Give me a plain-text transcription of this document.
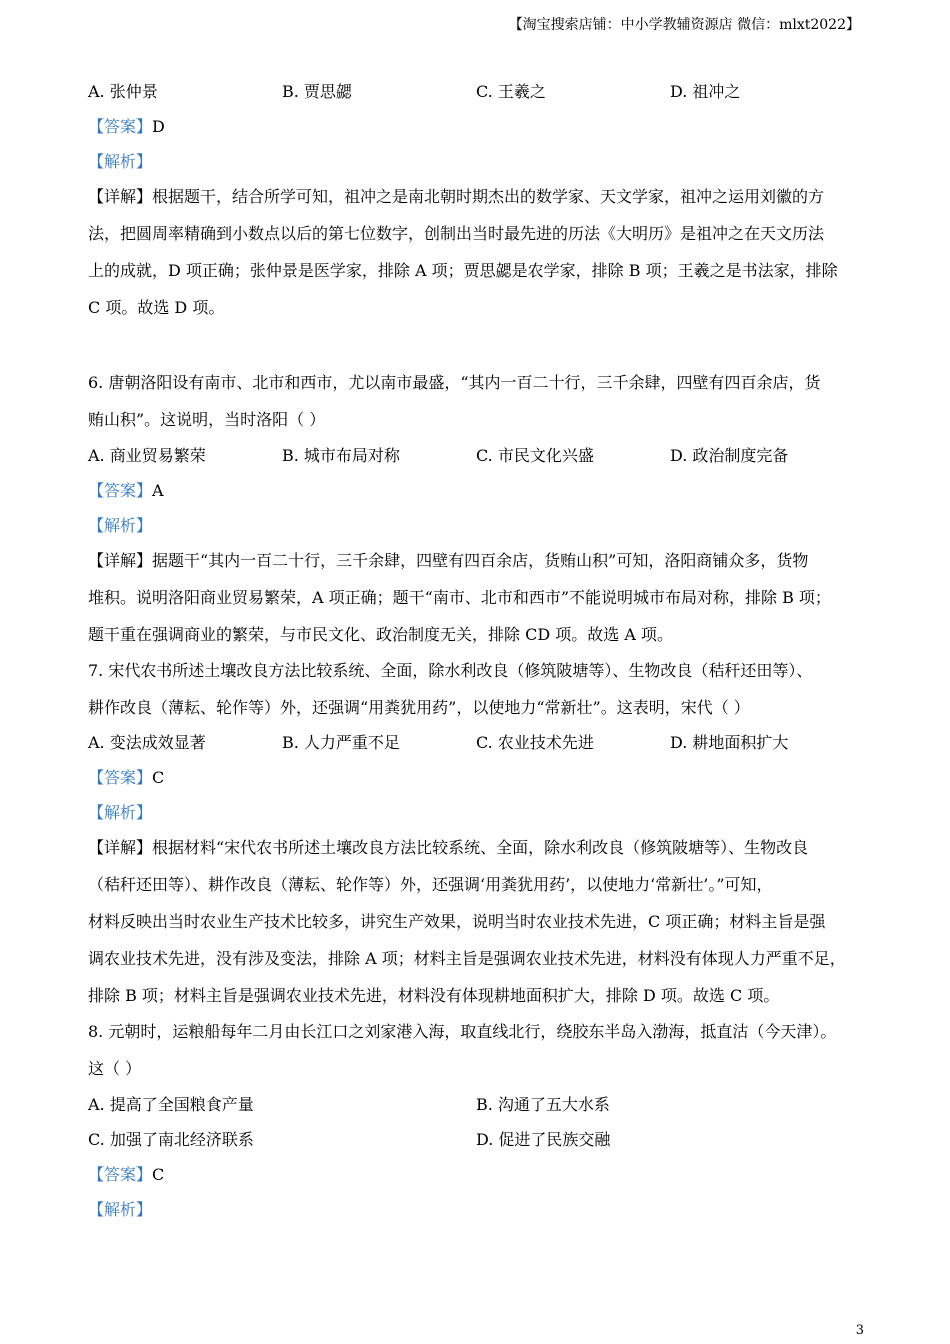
【淘宝搜索店铺：中小学教辅资源店 微信：mlxt2022】
A. 张仲景	B. 贾思勰	C. 王羲之	D. 祖冲之
【答案】D
【解析】
【详解】根据题干，结合所学可知，祖冲之是南北朝时期杰出的数学家、天文学家，祖冲之运用刘徽的方
法，把圆周率精确到小数点以后的第七位数字，创制出当时最先进的历法《大明历》是祖冲之在天文历法
上的成就，D 项正确；张仲景是医学家，排除 A 项；贾思勰是农学家，排除 B 项；王羲之是书法家，排除
C 项。故选 D 项。
6. 唐朝洛阳设有南市、北市和西市，尤以南市最盛，“其内一百二十行，三千余肆，四壁有四百余店，货
贿山积”。这说明，当时洛阳（ ）
A. 商业贸易繁荣	B. 城市布局对称	C. 市民文化兴盛	D. 政治制度完备
【答案】A
【解析】
【详解】据题干“其内一百二十行，三千余肆，四壁有四百余店，货贿山积”可知，洛阳商铺众多，货物
堆积。说明洛阳商业贸易繁荣，A 项正确；题干“南市、北市和西市”不能说明城市布局对称，排除 B 项；
题干重在强调商业的繁荣，与市民文化、政治制度无关，排除 CD 项。故选 A 项。
7. 宋代农书所述土壤改良方法比较系统、全面，除水利改良（修筑陂塘等）、生物改良（秸秆还田等）、
耕作改良（薄耘、轮作等）外，还强调“用粪犹用药”，以使地力“常新壮”。这表明，宋代（ ）
A. 变法成效显著	B. 人力严重不足	C. 农业技术先进	D. 耕地面积扩大
【答案】C
【解析】
【详解】根据材料“宋代农书所述土壤改良方法比较系统、全面，除水利改良（修筑陂塘等）、生物改良
（秸秆还田等）、耕作改良（薄耘、轮作等）外，还强调‘用粪犹用药’，以使地力‘常新壮’。”可知，
材料反映出当时农业生产技术比较多，讲究生产效果，说明当时农业技术先进，C 项正确；材料主旨是强
调农业技术先进，没有涉及变法，排除 A 项；材料主旨是强调农业技术先进，材料没有体现人力严重不足，
排除 B 项；材料主旨是强调农业技术先进，材料没有体现耕地面积扩大，排除 D 项。故选 C 项。
8. 元朝时，运粮船每年二月由长江口之刘家港入海，取直线北行，绕胶东半岛入渤海，抵直沽（今天津）。
这（ ）
A. 提高了全国粮食产量	B. 沟通了五大水系
C. 加强了南北经济联系	D. 促进了民族交融
【答案】C
【解析】
3
